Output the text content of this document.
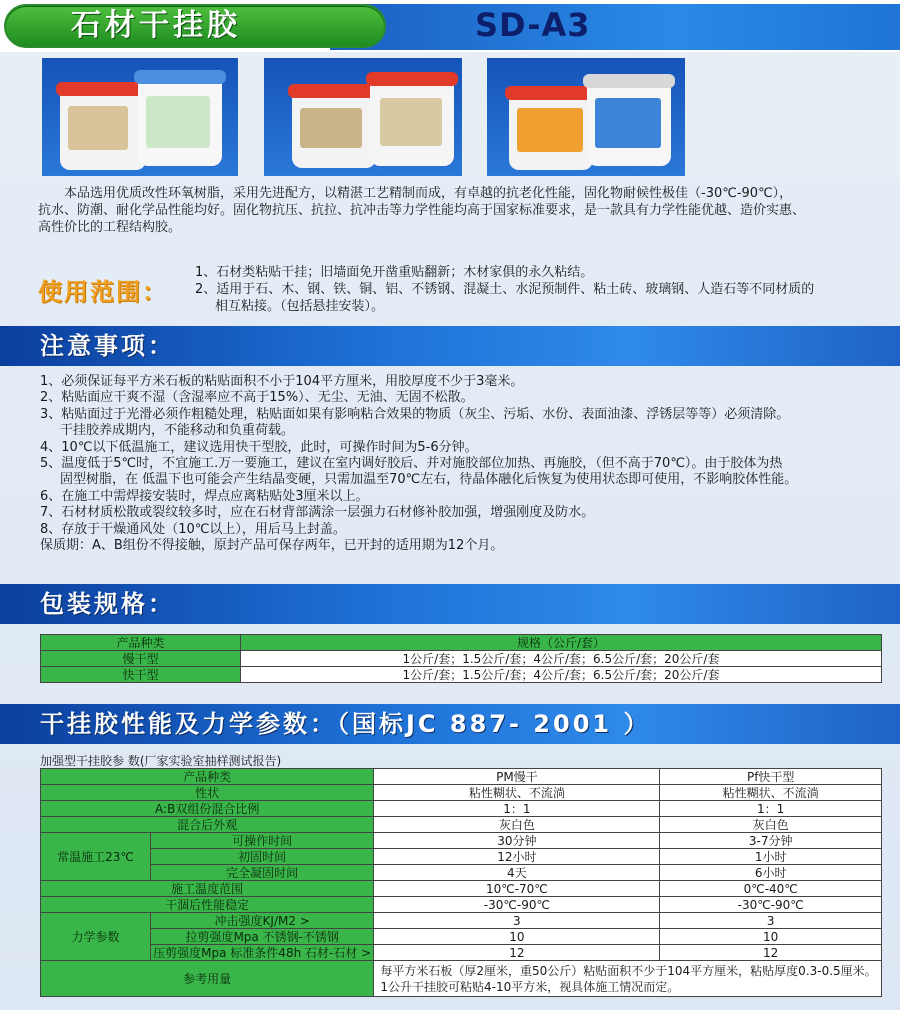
石材干挂胶	SD-A3

本品选用优质改性环氧树脂，采用先进配方，以精湛工艺精制而成，有卓越的抗老化性能，固化物耐候性极佳（-30℃-90℃），

抗水、防潮、耐化学品性能均好。固化物抗压、抗拉、抗冲击等力学性能均高于国家标准要求，是一款具有力学性能优越、造价实惠、

高性价比的工程结构胶。

使用范围：
1、石材类粘贴干挂；旧墙面免开凿重贴翻新；木材家俱的永久粘结。
2、适用于石、木、钢、铁、铜、铝、不锈钢、混凝土、水泥预制件、粘土砖、玻璃钢、人造石等不同材质的
相互粘接。（包括悬挂安装）。
注意事项：
1、必须保证每平方米石板的粘贴面积不小于104平方厘米，用胶厚度不少于3毫米。
2、粘贴面应干爽不湿（含湿率应不高于15%）、无尘、无油、无固不松散。
3、粘贴面过于光滑必须作粗糙处理，粘贴面如果有影响粘合效果的物质（灰尘、污垢、水份、表面油漆、浮锈层等等）必须清除。
干挂胶养成期内，不能移动和负重荷载。
4、10℃以下低温施工，建议选用快干型胶，此时，可操作时间为5-6分钟。
5、温度低于5℃时，不宜施工.万一要施工，建议在室内调好胶后、并对施胶部位加热、再施胶，（但不高于70℃）。由于胶体为热
固型树脂，在 低温下也可能会产生结晶变硬，只需加温至70℃左右，待晶体融化后恢复为使用状态即可使用，不影响胶体性能。
6、在施工中需焊接安装时，焊点应离粘贴处3厘米以上。
7、石材材质松散或裂纹较多时，应在石材背部满涂一层强力石材修补胶加强，增强刚度及防水。
8、存放于干燥通风处（10℃以上），用后马上封盖。
保质期：A、B组份不得接触，原封产品可保存两年，已开封的适用期为12个月。
包装规格：
产品种类	规格（公斤/套）
慢干型	1公斤/套；1.5公斤/套；4公斤/套；6.5公斤/套；20公斤/套
快干型	1公斤/套；1.5公斤/套；4公斤/套；6.5公斤/套；20公斤/套
干挂胶性能及力学参数：（国标JC 887- 2001 ）
加强型干挂胶参 数(厂家实验室抽样测试报告)
产品种类		PM慢干	Pf快干型
性状		粘性糊状、不流淌	粘性糊状、不流淌
A:B双组份混合比例		1：1	1：1
混合后外观		灰白色	灰白色
常温施工23℃	可操作时间	30分钟	3-7分钟
	初固时间	12小时	1小时
	完全凝固时间	4天	6小时
施工温度范围		10℃-70℃	0℃-40℃
干涸后性能稳定		-30℃-90℃	-30℃-90℃
力学参数	冲击强度KJ/M2 >	3	3
	拉剪强度Mpa 不锈钢-不锈钢	10	10
	压剪强度Mpa 标准条件48h 石材-石材 >	12	12
参考用量		每平方米石板（厚2厘米，重50公斤）粘贴面积不少于104平方厘米，粘贴厚度0.3-0.5厘米。
1公升干挂胶可粘贴4-10平方米，视具体施工情况而定。	
